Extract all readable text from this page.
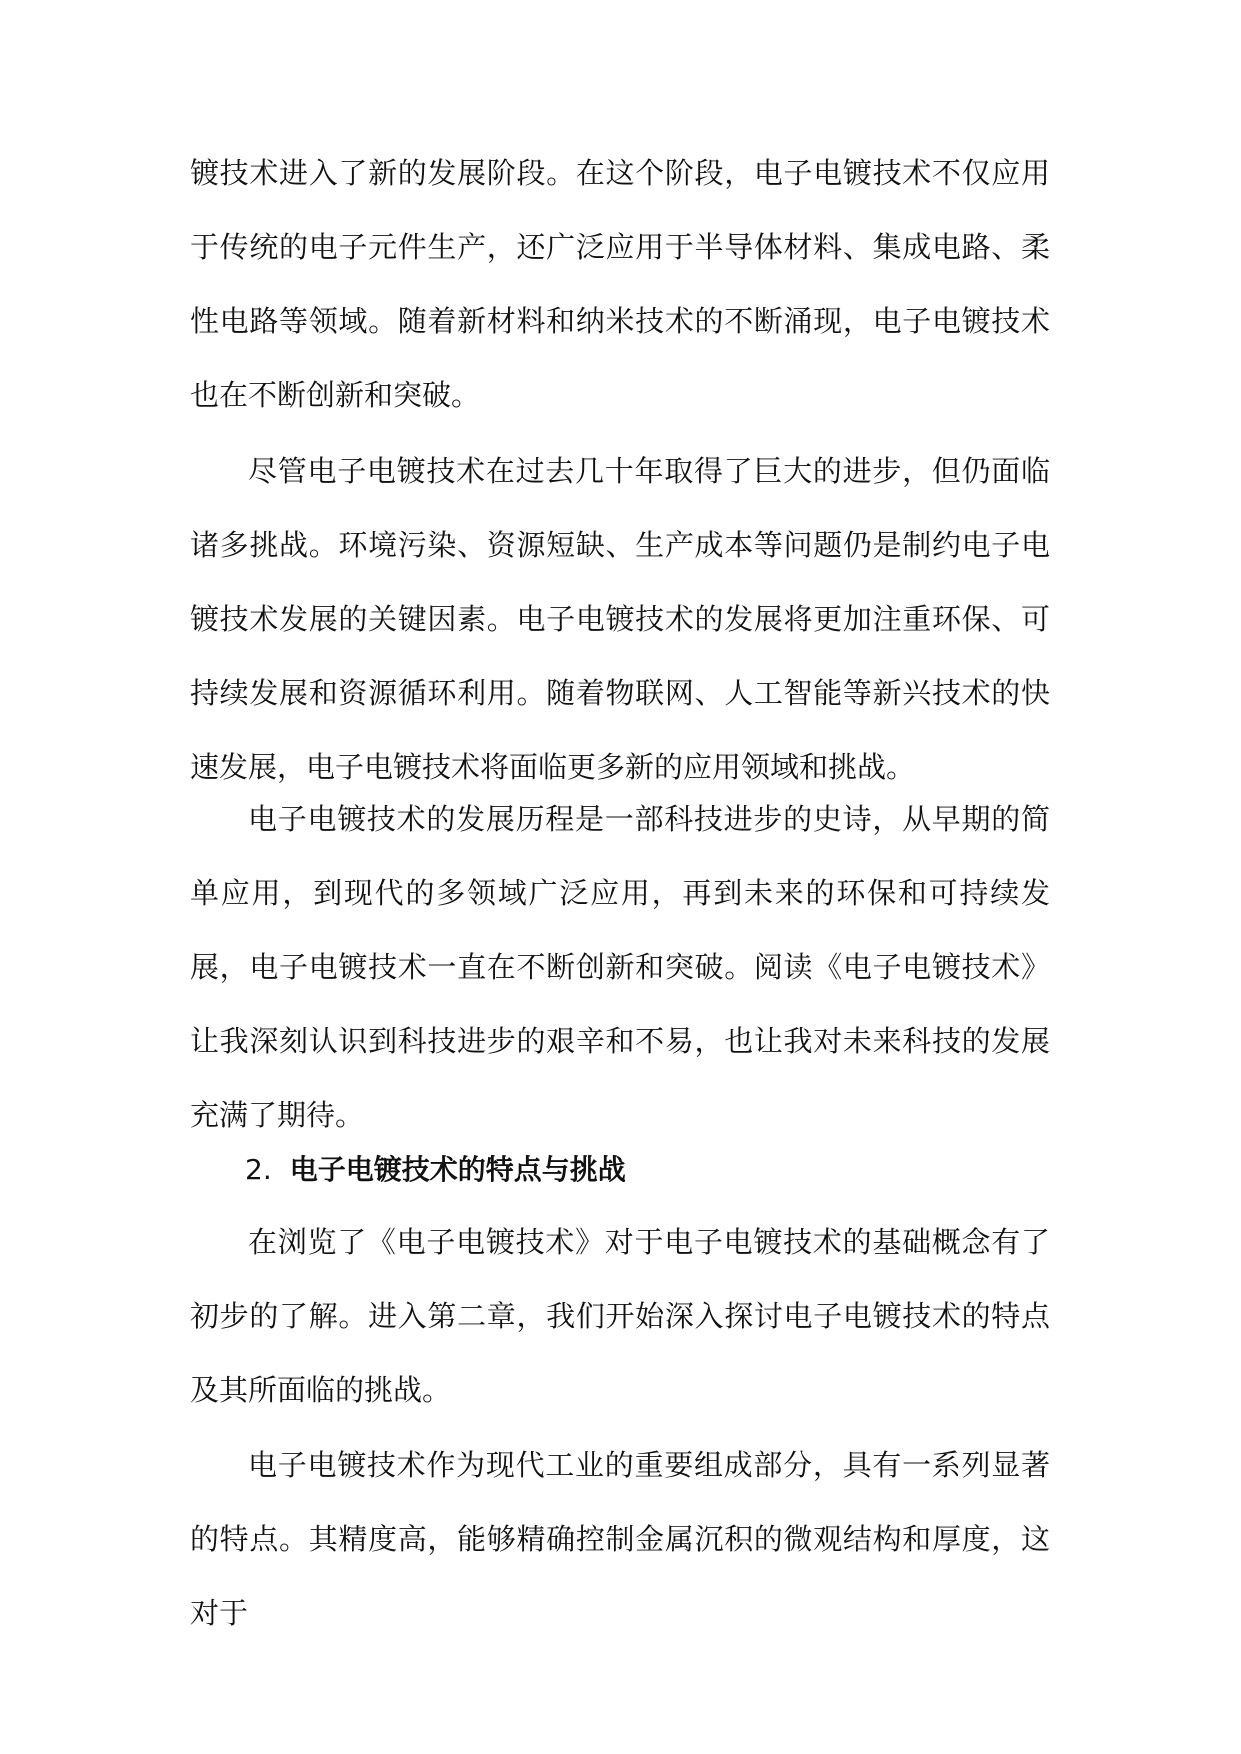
镀技术进入了新的发展阶段。在这个阶段，电子电镀技术不仅应用于传统的电子元件生产，还广泛应用于半导体材料、集成电路、柔性电路等领域。随着新材料和纳米技术的不断涌现，电子电镀技术也在不断创新和突破。

尽管电子电镀技术在过去几十年取得了巨大的进步，但仍面临诸多挑战。环境污染、资源短缺、生产成本等问题仍是制约电子电镀技术发展的关键因素。电子电镀技术的发展将更加注重环保、可持续发展和资源循环利用。随着物联网、人工智能等新兴技术的快速发展，电子电镀技术将面临更多新的应用领域和挑战。

电子电镀技术的发展历程是一部科技进步的史诗，从早期的简单应用，到现代的多领域广泛应用，再到未来的环保和可持续发展，电子电镀技术一直在不断创新和突破。阅读《电子电镀技术》让我深刻认识到科技进步的艰辛和不易，也让我对未来科技的发展充满了期待。

2. 电子电镀技术的特点与挑战

在浏览了《电子电镀技术》对于电子电镀技术的基础概念有了初步的了解。进入第二章，我们开始深入探讨电子电镀技术的特点及其所面临的挑战。

电子电镀技术作为现代工业的重要组成部分，具有一系列显著的特点。其精度高，能够精确控制金属沉积的微观结构和厚度，这对于
